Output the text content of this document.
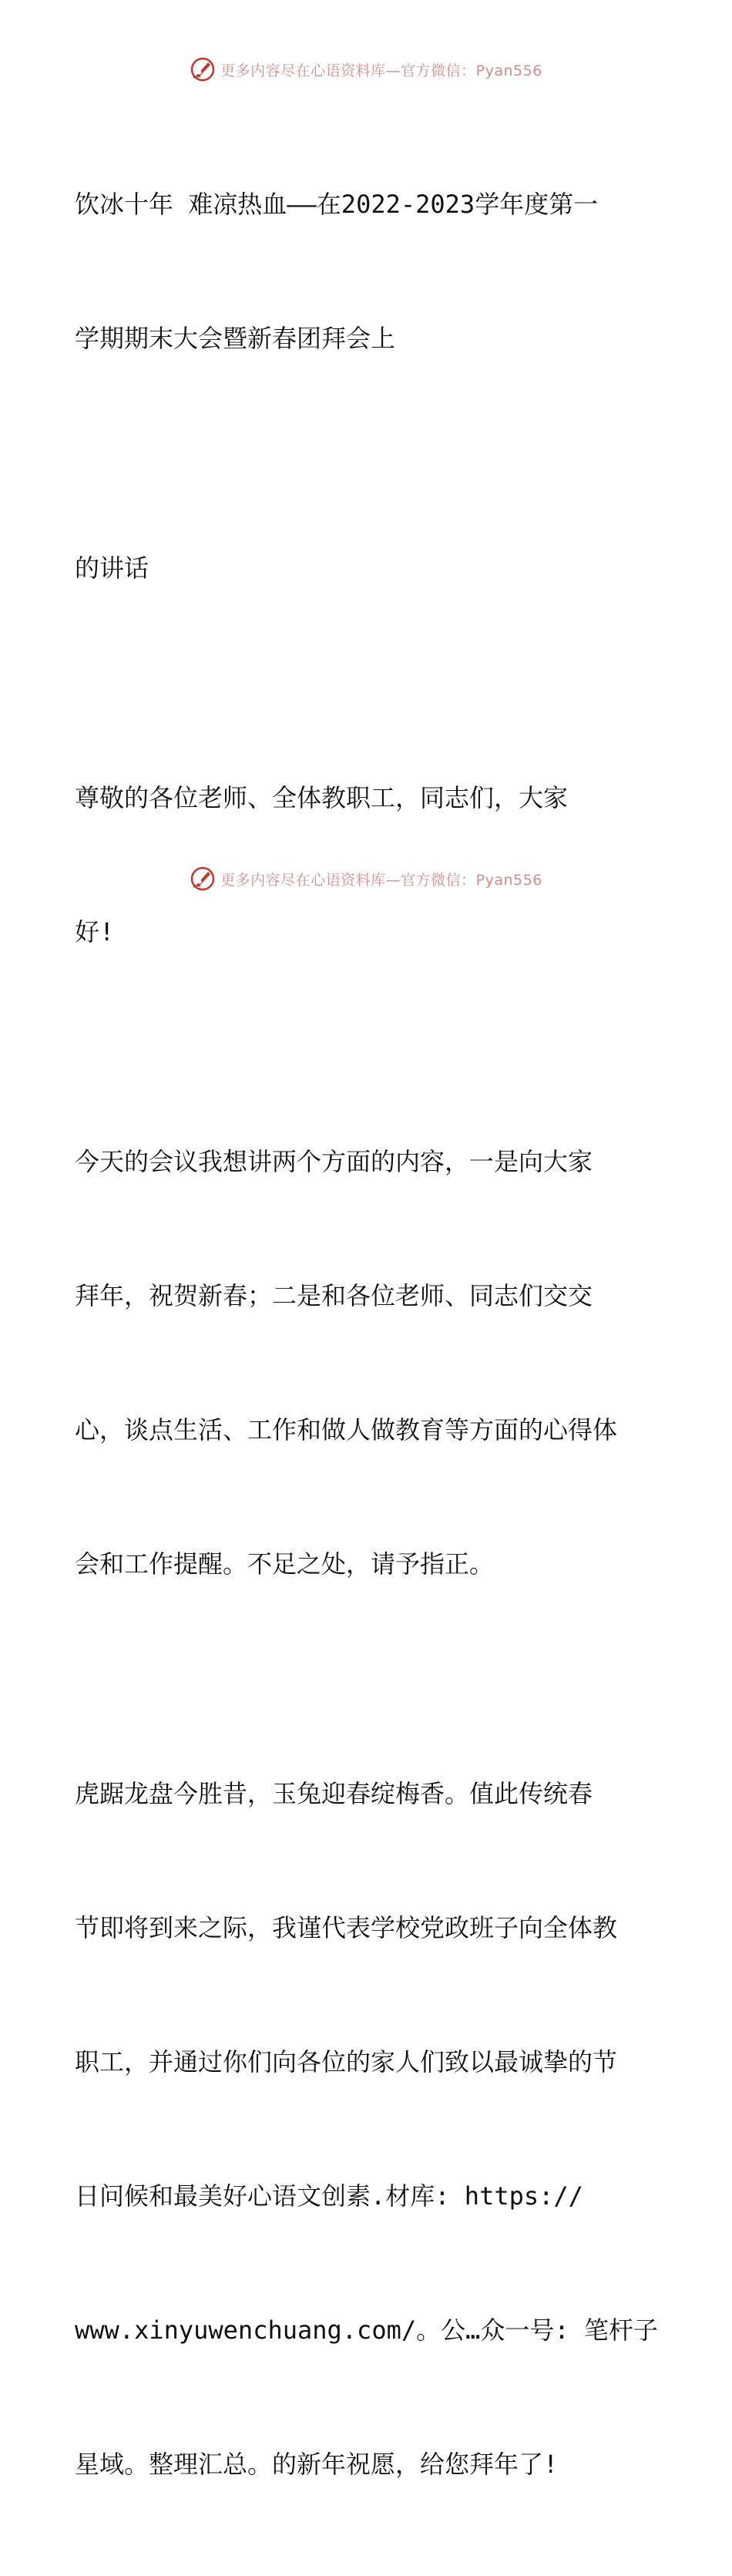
更多内容尽在心语资料库—官方微信：Pyan556

饮冰十年 难凉热血——在2022-2023学年度第一

学期期末大会暨新春团拜会上

的讲话

尊敬的各位老师、全体教职工，同志们，大家

好!

今天的会议我想讲两个方面的内容，一是向大家

拜年，祝贺新春；二是和各位老师、同志们交交

心，谈点生活、工作和做人做教育等方面的心得体

会和工作提醒。不足之处，请予指正。

虎踞龙盘今胜昔，玉兔迎春绽梅香。值此传统春

节即将到来之际，我谨代表学校党政班子向全体教

职工，并通过你们向各位的家人们致以最诚挚的节

日问候和最美好心语文创素.材库: https://

www.xinyuwenchuang.com/。公…众一号: 笔杆子

星域。整理汇总。的新年祝愿，给您拜年了!

更多内容尽在心语资料库—官方微信：Pyan556
